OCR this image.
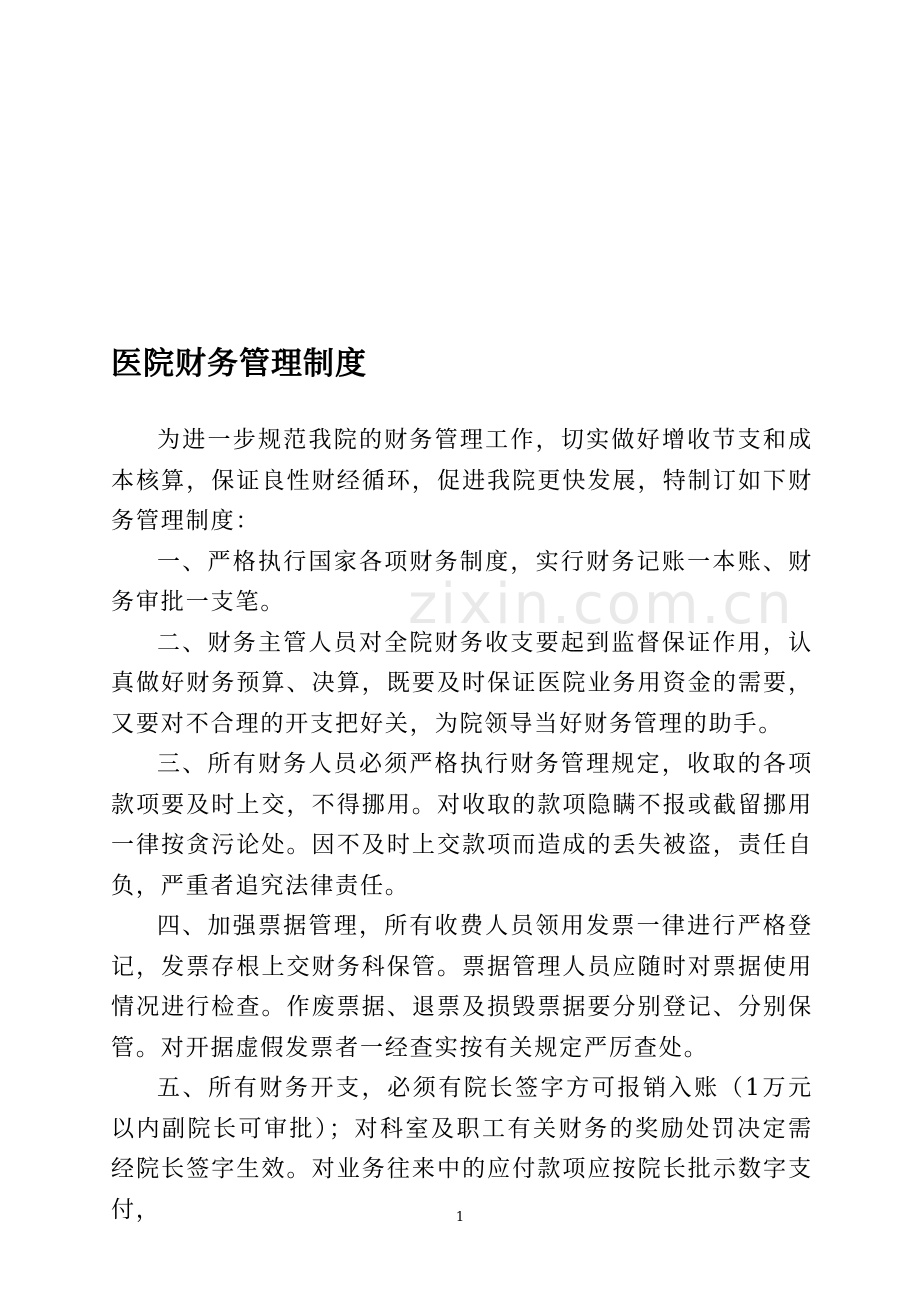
zixin.com.cn
医院财务管理制度

为进一步规范我院的财务管理工作，切实做好增收节支和成本核算，保证良性财经循环，促进我院更快发展，特制订如下财务管理制度：

一、严格执行国家各项财务制度，实行财务记账一本账、财务审批一支笔。

二、财务主管人员对全院财务收支要起到监督保证作用，认真做好财务预算、决算，既要及时保证医院业务用资金的需要，又要对不合理的开支把好关，为院领导当好财务管理的助手。

三、所有财务人员必须严格执行财务管理规定，收取的各项款项要及时上交，不得挪用。对收取的款项隐瞒不报或截留挪用一律按贪污论处。因不及时上交款项而造成的丢失被盗，责任自负，严重者追究法律责任。

四、加强票据管理，所有收费人员领用发票一律进行严格登记，发票存根上交财务科保管。票据管理人员应随时对票据使用情况进行检查。作废票据、退票及损毁票据要分别登记、分别保管。对开据虚假发票者一经查实按有关规定严厉查处。

五、所有财务开支，必须有院长签字方可报销入账（1万元以内副院长可审批）；对科室及职工有关财务的奖励处罚决定需经院长签字生效。对业务往来中的应付款项应按院长批示数字支付，	1
